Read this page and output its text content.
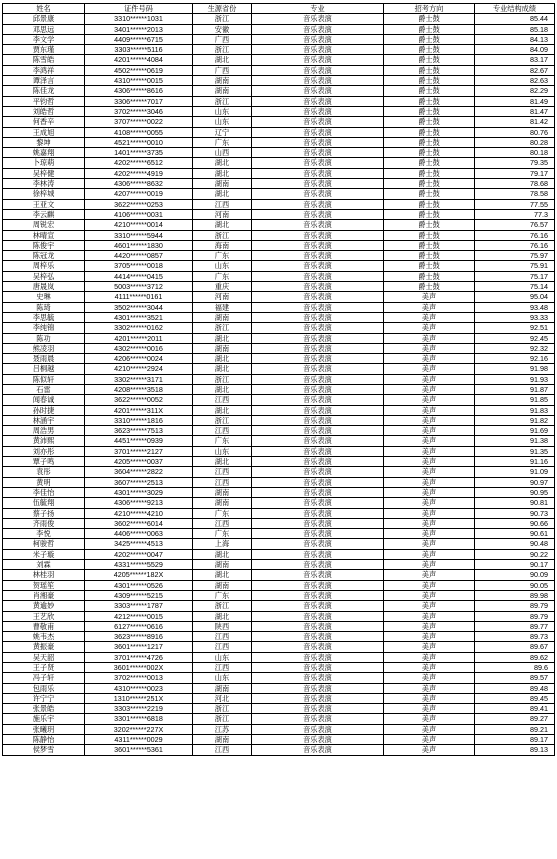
姓名	证件号码	生源省份	专业	招考方向	专业结构成绩
邱景康	3310******1031	浙江	音乐表演	爵士鼓	85.44
邓思远	3401******2013	安徽	音乐表演	爵士鼓	85.18
李文学	4409******6715	广西	音乐表演	爵士鼓	84.13
贾东瑾	3303******5116	浙江	音乐表演	爵士鼓	84.09
陈雪皓	4201******4084	湖北	音乐表演	爵士鼓	83.17
李鸿祥	4502******0619	广西	音乐表演	爵士鼓	82.67
谭泽言	4310******0015	湖南	音乐表演	爵士鼓	82.63
陈佳龙	4306******8616	湖南	音乐表演	爵士鼓	82.29
平钧哲	3306******7017	浙江	音乐表演	爵士鼓	81.49
刘皓哲	3702******3046	山东	音乐表演	爵士鼓	81.47
何香辛	3707******0022	山东	音乐表演	爵士鼓	81.42
王成旭	4108******0055	辽宁	音乐表演	爵士鼓	80.76
黎坤	4521******0010	广东	音乐表演	爵士鼓	80.28
姚嘉翔	1401******3735	山西	音乐表演	爵士鼓	80.18
卜琼萌	4202******6512	湖北	音乐表演	爵士鼓	79.35
吴梓健	4202******4919	湖北	音乐表演	爵士鼓	79.17
李林涛	4306******8632	湖南	音乐表演	爵士鼓	78.68
徐梓城	4207******0019	湖北	音乐表演	爵士鼓	78.58
王亚文	3622******0253	江西	音乐表演	爵士鼓	77.55
李云麒	4106******0031	河南	音乐表演	爵士鼓	77.3
周锐宏	4210******0014	湖北	音乐表演	爵士鼓	76.57
林晴宣	3310******5944	浙江	音乐表演	爵士鼓	76.16
陈俊宇	4601******1830	海南	音乐表演	爵士鼓	76.16
陈冠龙	4420******0857	广东	音乐表演	爵士鼓	75.97
周梓乐	3705******0018	山东	音乐表演	爵士鼓	75.91
吴梓弘	4414******0415	广东	音乐表演	爵士鼓	75.17
唐晟岚	5003******3712	重庆	音乐表演	爵士鼓	75.14
史琳	4111******0161	河南	音乐表演	美声	95.04
陈琦	3502******3044	福建	音乐表演	美声	93.48
李思毓	4301******3521	湖南	音乐表演	美声	93.33
李纯锦	3302******0162	浙江	音乐表演	美声	92.51
陈功	4201******2011	湖北	音乐表演	美声	92.45
熊凌羽	4302******0016	湖南	音乐表演	美声	92.32
聂雨晨	4206******0024	湖北	音乐表演	美声	92.16
吕桐越	4210******2924	湖北	音乐表演	美声	91.98
陈似轩	3302******3171	浙江	音乐表演	美声	91.93
石雷	4208******3518	湖北	音乐表演	美声	91.87
闻春诚	3622******0052	江西	音乐表演	美声	91.85
孙时捷	4201******311X	湖北	音乐表演	美声	91.83
林涵宇	3310******1816	浙江	音乐表演	美声	91.82
周浩男	3623******7513	江西	音乐表演	美声	91.69
黄沛熙	4451******0939	广东	音乐表演	美声	91.38
刘亦彤	3701******2127	山东	音乐表演	美声	91.35
覃子鸣	4205******0037	湖北	音乐表演	美声	91.16
袁彤	3604******2822	江西	音乐表演	美声	91.09
黄明	3607******2513	江西	音乐表演	美声	90.97
李佳怡	4301******3029	湖南	音乐表演	美声	90.95
伍毓翔	4306******9213	湖南	音乐表演	美声	90.81
蔡子扬	4210******4210	广东	音乐表演	美声	90.73
齐雨俊	3602******6014	江西	音乐表演	美声	90.66
李悦	4406******0063	广东	音乐表演	美声	90.61
柯骏哲	3425******4513	上海	音乐表演	美声	90.48
米子璇	4202******0047	湖北	音乐表演	美声	90.22
刘霖	4331******5529	湖南	音乐表演	美声	90.17
林桂羽	4205******182X	湖北	音乐表演	美声	90.09
贺瑶笙	4301******0526	湖南	音乐表演	美声	90.05
肖湘豪	4309******5215	广东	音乐表演	美声	89.98
黄逾妙	3303******1787	浙江	音乐表演	美声	89.79
王艺欣	4212******0015	湖北	音乐表演	美声	89.79
曹敬甫	6127******0616	陕西	音乐表演	美声	89.77
姚韦杰	3623******8916	江西	音乐表演	美声	89.73
黄振豪	3601******1217	江西	音乐表演	美声	89.67
吴天韶	3701******4726	山东	音乐表演	美声	89.62
王子贤	3601******002X	江西	音乐表演	美声	89.6
冯子轩	3702******0013	山东	音乐表演	美声	89.57
包雨乐	4310******0023	湖南	音乐表演	美声	89.48
许宁宁	1310******251X	河北	音乐表演	美声	89.45
张景皓	3303******2219	浙江	音乐表演	美声	89.41
施乐宇	3301******6818	浙江	音乐表演	美声	89.27
张曦玥	3202******227X	江苏	音乐表演	美声	89.21
陈静怡	4311******0029	湖南	音乐表演	美声	89.17
侯梦雪	3601******5361	江西	音乐表演	美声	89.13
